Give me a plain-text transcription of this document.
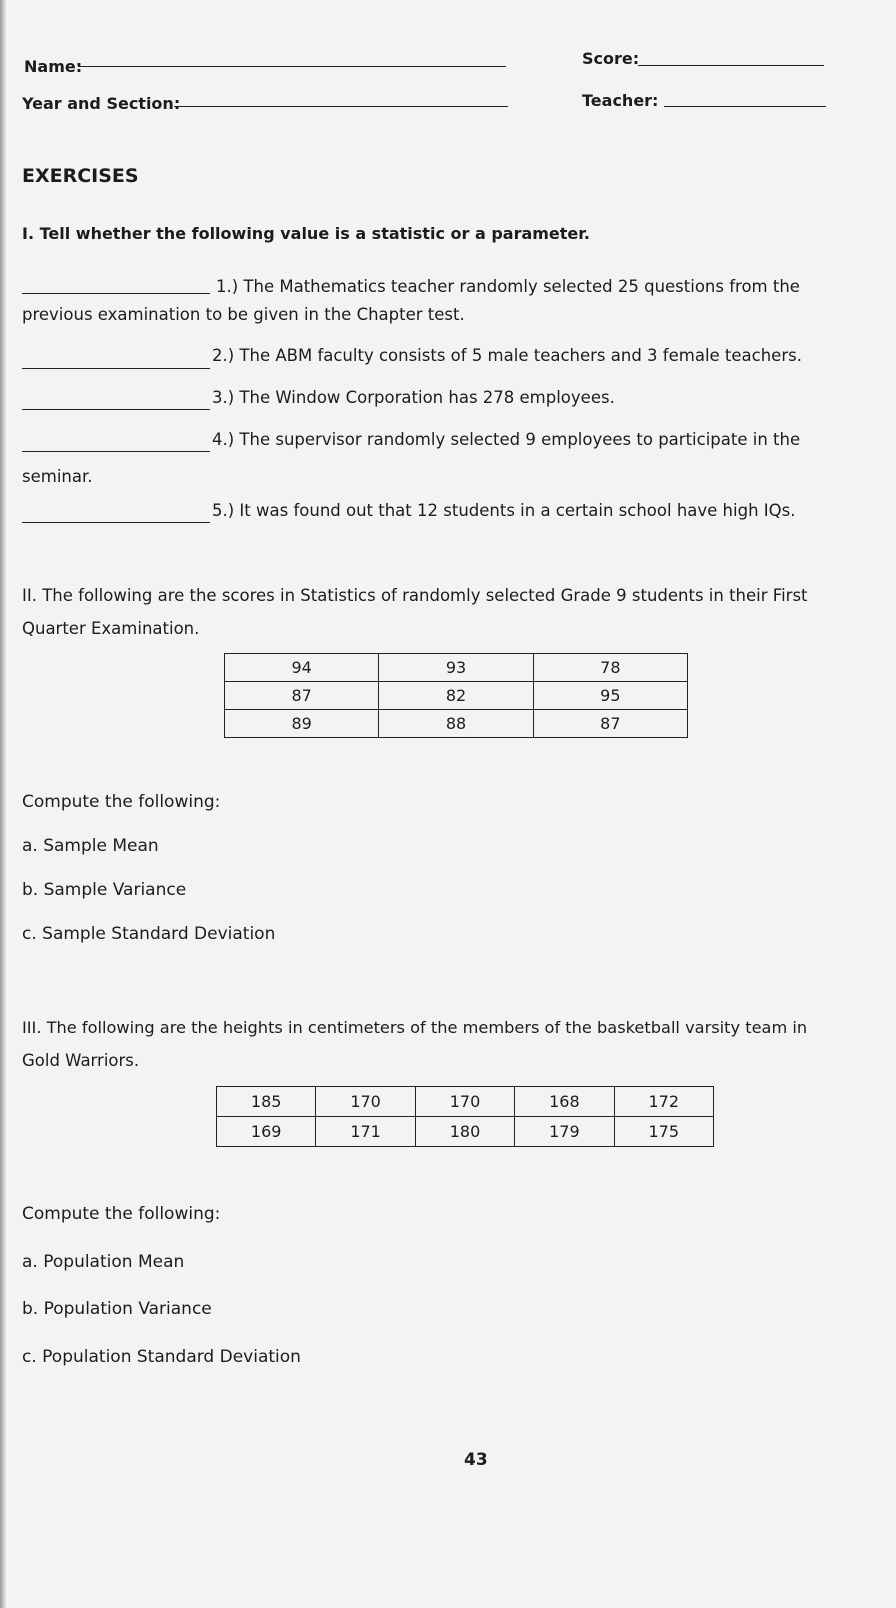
Name:	Score:
Year and Section:	Teacher:
EXERCISES
I. Tell whether the following value is a statistic or a parameter.
1.) The Mathematics teacher randomly selected 25 questions from the
previous examination to be given in the Chapter test.
2.) The ABM faculty consists of 5 male teachers and 3 female teachers.
3.) The Window Corporation has 278 employees.
4.) The supervisor randomly selected 9 employees to participate in the
seminar.
5.) It was found out that 12 students in a certain school have high IQs.
II. The following are the scores in Statistics of randomly selected Grade 9 students in their First
Quarter Examination.
94	93	78
87	82	95
89	88	87
Compute the following:
a. Sample Mean
b. Sample Variance
c. Sample Standard Deviation
III. The following are the heights in centimeters of the members of the basketball varsity team in
Gold Warriors.
185	170	170	168	172
169	171	180	179	175
Compute the following:
a. Population Mean
b. Population Variance
c. Population Standard Deviation
43
